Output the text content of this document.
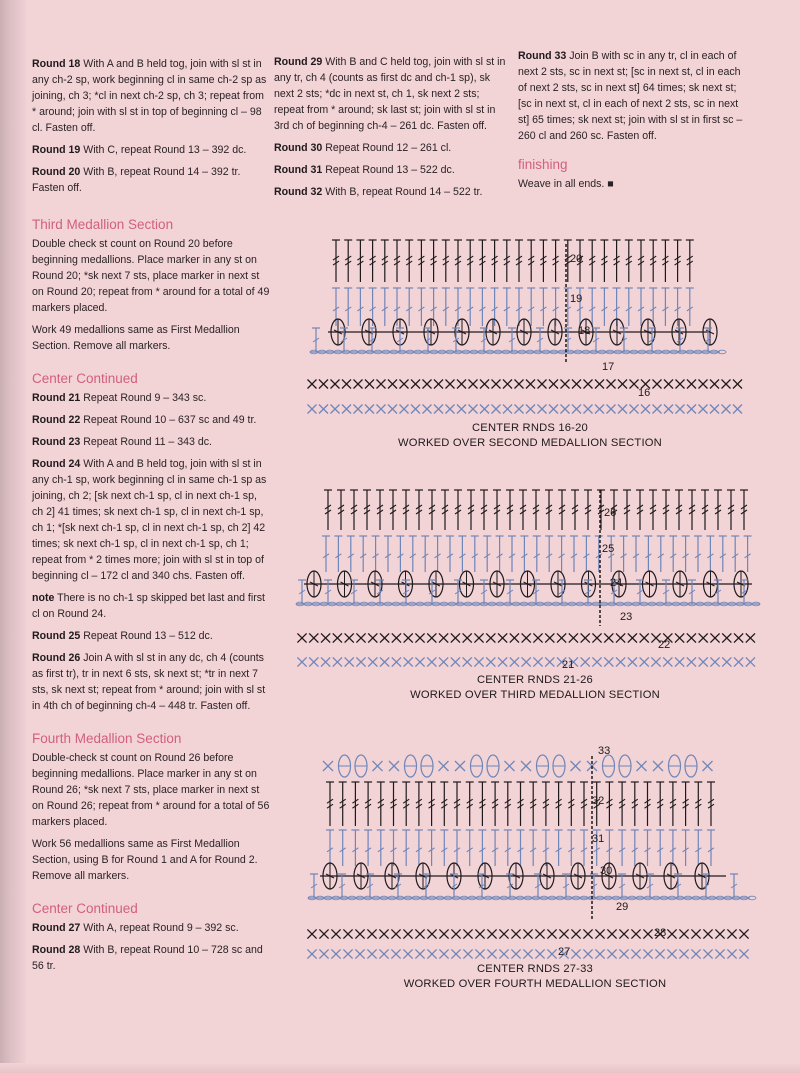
Round 18 With A and B held tog, join with sl st in any ch-2 sp, work beginning cl in same ch-2 sp as joining, ch 3; *cl in next ch-2 sp, ch 3; repeat from * around; join with sl st in top of beginning cl – 98 cl. Fasten off.

Round 19 With C, repeat Round 13 – 392 dc.

Round 20 With B, repeat Round 14 – 392 tr. Fasten off.

Third Medallion Section

Double check st count on Round 20 before beginning medallions. Place marker in any st on Round 20; *sk next 7 sts, place marker in next st on Round 20; repeat from * around for a total of 49 markers placed.

Work 49 medallions same as First Medallion Section. Remove all markers.

Center Continued

Round 21 Repeat Round 9 – 343 sc.

Round 22 Repeat Round 10 – 637 sc and 49 tr.

Round 23 Repeat Round 11 – 343 dc.

Round 24 With A and B held tog, join with sl st in any ch-1 sp, work beginning cl in same ch-1 sp as joining, ch 2; [sk next ch-1 sp, cl in next ch-1 sp, ch 2] 41 times; sk next ch-1 sp, cl in next ch-1 sp, ch 1; *[sk next ch-1 sp, cl in next ch-1 sp, ch 2] 42 times; sk next ch-1 sp, cl in next ch-1 sp, ch 1; repeat from * 2 times more; join with sl st in top of beginning cl – 172 cl and 340 chs. Fasten off.

note There is no ch-1 sp skipped bet last and first cl on Round 24.

Round 25 Repeat Round 13 – 512 dc.

Round 26 Join A with sl st in any dc, ch 4 (counts as first tr), tr in next 6 sts, sk next st; *tr in next 7 sts, sk next st; repeat from * around; join with sl st in 4th ch of beginning ch-4 – 448 tr. Fasten off.

Fourth Medallion Section

Double-check st count on Round 26 before beginning medallions. Place marker in any st on Round 26; *sk next 7 sts, place marker in next st on Round 26; repeat from * around for a total of 56 markers placed.

Work 56 medallions same as First Medallion Section, using B for Round 1 and A for Round 2. Remove all markers.

Center Continued

Round 27 With A, repeat Round 9 – 392 sc.

Round 28 With B, repeat Round 10 – 728 sc and 56 tr.

Round 29 With B and C held tog, join with sl st in any tr, ch 4 (counts as first dc and ch-1 sp), sk next 2 sts; *dc in next st, ch 1, sk next 2 sts; repeat from * around; sk last st; join with sl st in 3rd ch of beginning ch-4 – 261 dc. Fasten off.

Round 30 Repeat Round 12 – 261 cl.

Round 31 Repeat Round 13 – 522 dc.

Round 32 With B, repeat Round 14 – 522 tr.

Round 33 Join B with sc in any tr, cl in each of next 2 sts, sc in next st; [sc in next st, cl in each of next 2 sts, sc in next st] 64 times; sk next st; [sc in next st, cl in each of next 2 sts, sc in next st] 65 times; sk next st; join with sl st in first sc – 260 cl and 260 sc. Fasten off.

finishing

Weave in all ends. ■

20
19
18
17
16
CENTER RNDS 16-20
WORKED OVER SECOND MEDALLION SECTION
26
25
24
23
22
21
CENTER RNDS 21-26
WORKED OVER THIRD MEDALLION SECTION
33
32
31
30
29
28
27
CENTER RNDS 27-33
WORKED OVER FOURTH MEDALLION SECTION
